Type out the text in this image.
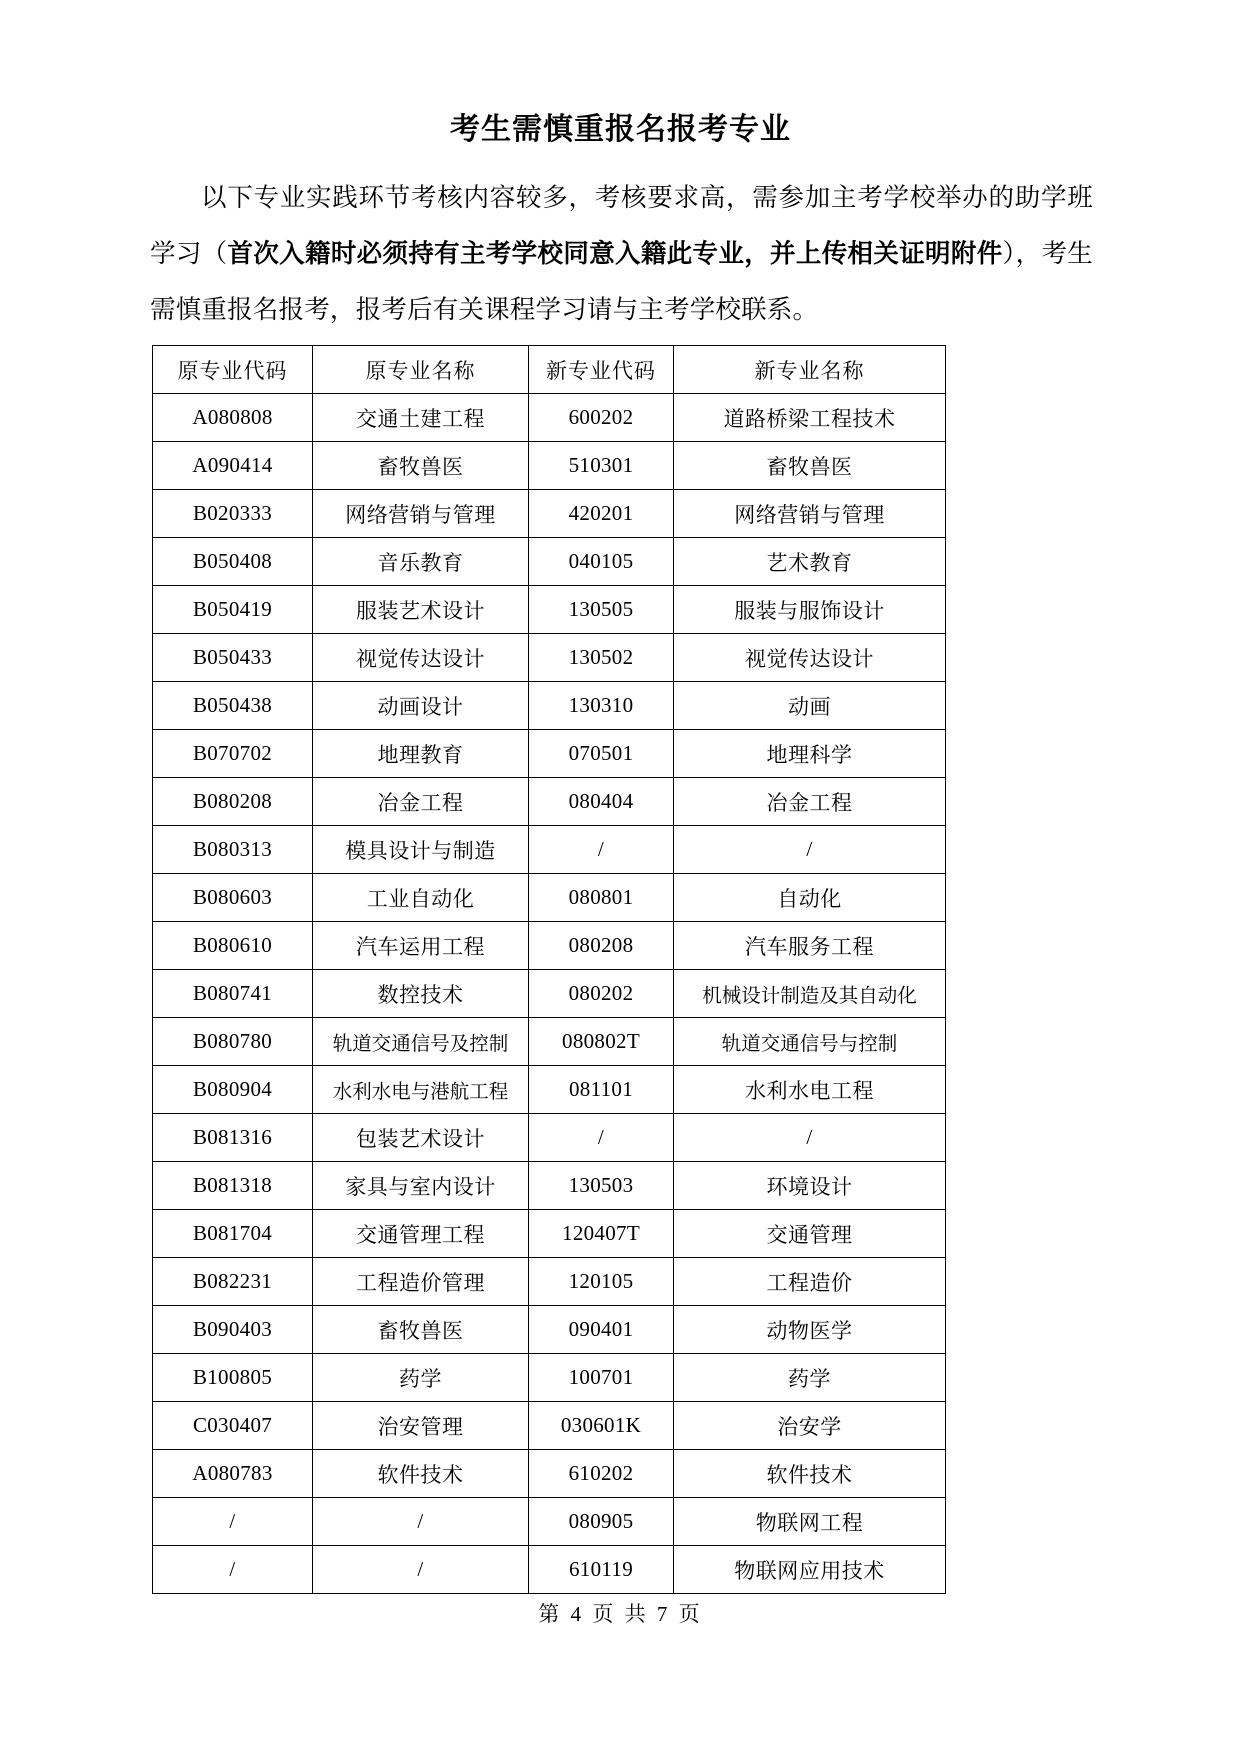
考生需慎重报名报考专业

以下专业实践环节考核内容较多，考核要求高，需参加主考学校举办的助学班学习（首次入籍时必须持有主考学校同意入籍此专业，并上传相关证明附件），考生需慎重报名报考，报考后有关课程学习请与主考学校联系。

原专业代码	原专业名称	新专业代码	新专业名称
A080808	交通土建工程	600202	道路桥梁工程技术
A090414	畜牧兽医	510301	畜牧兽医
B020333	网络营销与管理	420201	网络营销与管理
B050408	音乐教育	040105	艺术教育
B050419	服装艺术设计	130505	服装与服饰设计
B050433	视觉传达设计	130502	视觉传达设计
B050438	动画设计	130310	动画
B070702	地理教育	070501	地理科学
B080208	冶金工程	080404	冶金工程
B080313	模具设计与制造	/	/
B080603	工业自动化	080801	自动化
B080610	汽车运用工程	080208	汽车服务工程
B080741	数控技术	080202	机械设计制造及其自动化
B080780	轨道交通信号及控制	080802T	轨道交通信号与控制
B080904	水利水电与港航工程	081101	水利水电工程
B081316	包装艺术设计	/	/
B081318	家具与室内设计	130503	环境设计
B081704	交通管理工程	120407T	交通管理
B082231	工程造价管理	120105	工程造价
B090403	畜牧兽医	090401	动物医学
B100805	药学	100701	药学
C030407	治安管理	030601K	治安学
A080783	软件技术	610202	软件技术
/	/	080905	物联网工程
/	/	610119	物联网应用技术
第 4 页 共 7 页
